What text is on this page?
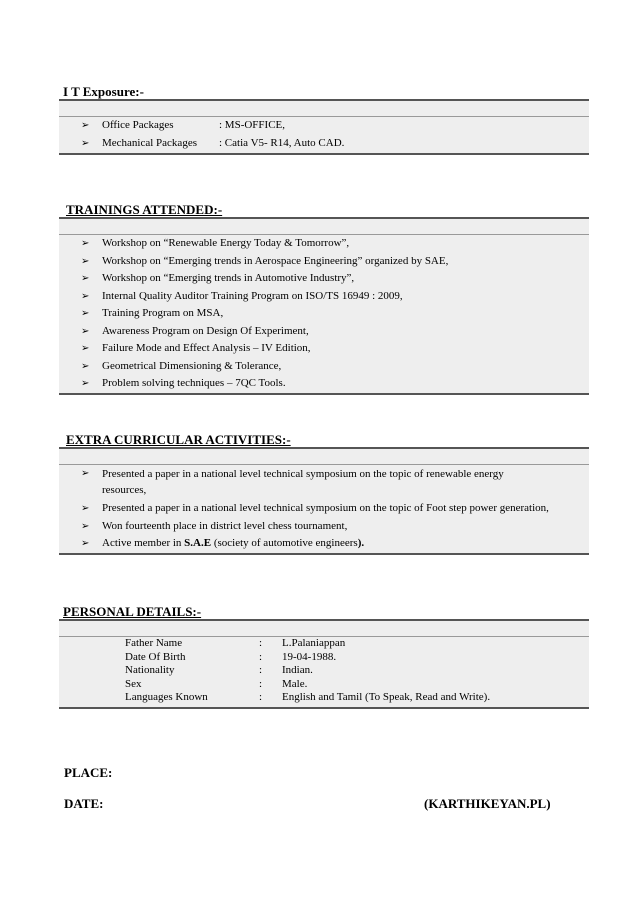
I T Exposure:-
➢ Office Packages	: MS-OFFICE,
➢ Mechanical Packages : Catia V5- R14, Auto CAD.
TRAININGS ATTENDED:-
➢ Workshop on “Renewable Energy Today & Tomorrow”,
➢ Workshop on “Emerging trends in Aerospace Engineering” organized by SAE,
➢ Workshop on “Emerging trends in Automotive Industry”,
➢ Internal Quality Auditor Training Program on ISO/TS 16949 : 2009,
➢ Training Program on MSA,
➢ Awareness Program on Design Of Experiment,
➢ Failure Mode and Effect Analysis – IV Edition,
➢ Geometrical Dimensioning & Tolerance,
➢ Problem solving techniques – 7QC Tools.
EXTRA CURRICULAR ACTIVITIES:-
➢ Presented a paper in a national level technical symposium on the topic of renewable energy resources,
➢ Presented a paper in a national level technical symposium on the topic of Foot step power generation,
➢ Won fourteenth place in district level chess tournament,
➢ Active member in S.A.E (society of automotive engineers).
PERSONAL DETAILS:-
Father Name	: L.Palaniappan
Date Of Birth	: 19-04-1988.
Nationality	: Indian.
Sex	: Male.
Languages Known	: English and Tamil (To Speak, Read and Write).
PLACE:
DATE:	(KARTHIKEYAN.PL)
